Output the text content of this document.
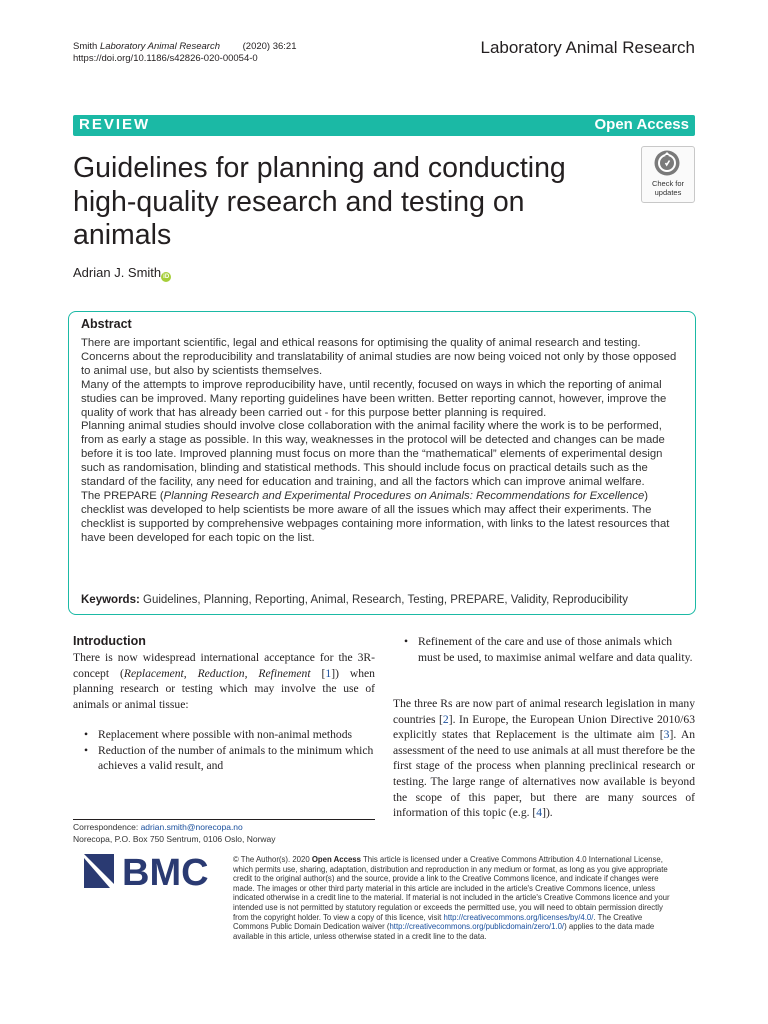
Smith Laboratory Animal Research (2020) 36:21
https://doi.org/10.1186/s42826-020-00054-0
Laboratory Animal Research
REVIEW	Open Access
Guidelines for planning and conducting high-quality research and testing on animals
Check for
updates
Adrian J. Smith iD
Abstract

There are important scientific, legal and ethical reasons for optimising the quality of animal research and testing. Concerns about the reproducibility and translatability of animal studies are now being voiced not only by those opposed to animal use, but also by scientists themselves.

Many of the attempts to improve reproducibility have, until recently, focused on ways in which the reporting of animal studies can be improved. Many reporting guidelines have been written. Better reporting cannot, however, improve the quality of work that has already been carried out - for this purpose better planning is required.

Planning animal studies should involve close collaboration with the animal facility where the work is to be performed, from as early a stage as possible. In this way, weaknesses in the protocol will be detected and changes can be made before it is too late. Improved planning must focus on more than the “mathematical” elements of experimental design such as randomisation, blinding and statistical methods. This should include focus on practical details such as the standard of the facility, any need for education and training, and all the factors which can improve animal welfare.

The PREPARE (Planning Research and Experimental Procedures on Animals: Recommendations for Excellence) checklist was developed to help scientists be more aware of all the issues which may affect their experiments. The checklist is supported by comprehensive webpages containing more information, with links to the latest resources that have been developed for each topic on the list.

Keywords: Guidelines, Planning, Reporting, Animal, Research, Testing, PREPARE, Validity, Reproducibility
Introduction

There is now widespread international acceptance for the 3R-concept (Replacement, Reduction, Refinement [1]) when planning research or testing which may involve the use of animals or animal tissue:

• Replacement where possible with non-animal methods
• Reduction of the number of animals to the minimum which achieves a valid result, and
• Refinement of the care and use of those animals which must be used, to maximise animal welfare and data quality.

The three Rs are now part of animal research legislation in many countries [2]. In Europe, the European Union Directive 2010/63 explicitly states that Replacement is the ultimate aim [3]. An assessment of the need to use animals at all must therefore be the first stage of the process when planning preclinical research or testing. The large range of alternatives now available is beyond the scope of this paper, but there are many sources of information of this topic (e.g. [4]).

Correspondence: adrian.smith@norecopa.no
Norecopa, P.O. Box 750 Sentrum, 0106 Oslo, Norway
BMC	© The Author(s). 2020 Open Access This article is licensed under a Creative Commons Attribution 4.0 International License, which permits use, sharing, adaptation, distribution and reproduction in any medium or format, as long as you give appropriate credit to the original author(s) and the source, provide a link to the Creative Commons licence, and indicate if changes were made. The images or other third party material in this article are included in the article's Creative Commons licence, unless indicated otherwise in a credit line to the material. If material is not included in the article's Creative Commons licence and your intended use is not permitted by statutory regulation or exceeds the permitted use, you will need to obtain permission directly from the copyright holder. To view a copy of this licence, visit http://creativecommons.org/licenses/by/4.0/. The Creative Commons Public Domain Dedication waiver (http://creativecommons.org/publicdomain/zero/1.0/) applies to the data made available in this article, unless otherwise stated in a credit line to the data.
